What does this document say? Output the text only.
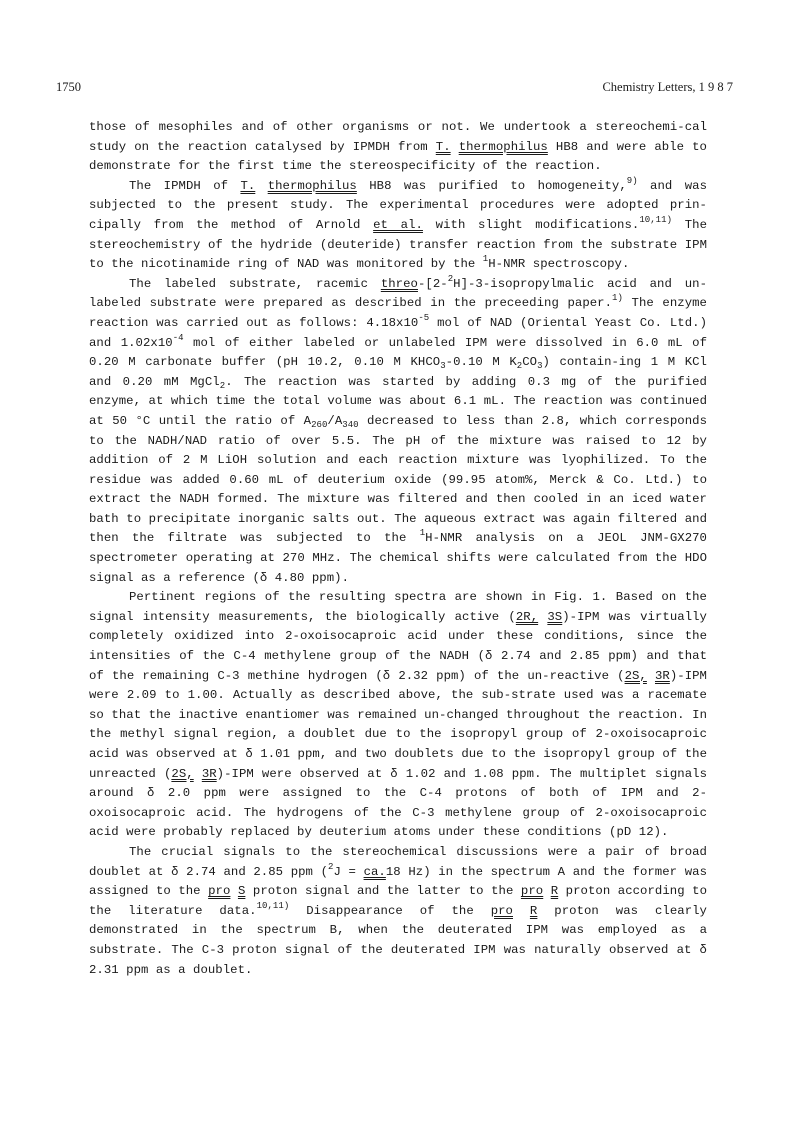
1750	Chemistry Letters, 1 9 8 7

those of mesophiles and of other organisms or not. We undertook a stereochemi-cal study on the reaction catalysed by IPMDH from T. thermophilus HB8 and were able to demonstrate for the first time the stereospecificity of the reaction.

The IPMDH of T. thermophilus HB8 was purified to homogeneity,$^{9)}$ and was subjected to the present study. The experimental procedures were adopted prin-cipally from the method of Arnold et al. with slight modifications.$^{10,11)}$ The stereochemistry of the hydride (deuteride) transfer reaction from the substrate IPM to the nicotinamide ring of NAD was monitored by the $^1$H-NMR spectroscopy.

The labeled substrate, racemic threo-[2-$^2$H]-3-isopropylmalic acid and un-labeled substrate were prepared as described in the preceeding paper.$^{1)}$ The enzyme reaction was carried out as follows: $4.18x10^{-5}$ mol of NAD (Oriental Yeast Co. Ltd.) and $1.02x10^{-4}$ mol of either labeled or unlabeled IPM were dissolved in 6.0 mL of 0.20 M carbonate buffer (pH 10.2, 0.10 M $KHCO_3-0.10$ M $K_2CO_3$) contain-ing 1 M KCl and 0.20 mM MgCl$_2$. The reaction was started by adding 0.3 mg of the purified enzyme, at which time the total volume was about 6.1 mL. The reaction was continued at 50 °C until the ratio of $A_{260}/A_{340}$ decreased to less than 2.8, which corresponds to the NADH/NAD ratio of over 5.5. The pH of the mixture was raised to 12 by addition of 2 M LiOH solution and each reaction mixture was lyophilized. To the residue was added 0.60 mL of deuterium oxide (99.95 atom%, Merck & Co. Ltd.) to extract the NADH formed. The mixture was filtered and then cooled in an iced water bath to precipitate inorganic salts out. The aqueous extract was again filtered and then the filtrate was subjected to the $^1$H-NMR analysis on a JEOL JNM-GX270 spectrometer operating at 270 MHz. The chemical shifts were calculated from the HDO signal as a reference (δ 4.80 ppm).

Pertinent regions of the resulting spectra are shown in Fig. 1. Based on the signal intensity measurements, the biologically active (2R, 3S)-IPM was virtually completely oxidized into 2-oxoisocaproic acid under these conditions, since the intensities of the C-4 methylene group of the NADH (δ 2.74 and 2.85 ppm) and that of the remaining C-3 methine hydrogen (δ 2.32 ppm) of the un-reactive (2S, 3R)-IPM were 2.09 to 1.00. Actually as described above, the sub-strate used was a racemate so that the inactive enantiomer was remained un-changed throughout the reaction. In the methyl signal region, a doublet due to the isopropyl group of 2-oxoisocaproic acid was observed at δ 1.01 ppm, and two doublets due to the isopropyl group of the unreacted (2S, 3R)-IPM were observed at δ 1.02 and 1.08 ppm. The multiplet signals around δ 2.0 ppm were assigned to the C-4 protons of both of IPM and 2-oxoisocaproic acid. The hydrogens of the C-3 methylene group of 2-oxoisocaproic acid were probably replaced by deuterium atoms under these conditions (pD 12).

The crucial signals to the stereochemical discussions were a pair of broad doublet at δ 2.74 and 2.85 ppm ($^2$J = ca.18 Hz) in the spectrum A and the former was assigned to the pro S proton signal and the latter to the pro R proton according to the literature data.$^{10,11)}$ Disappearance of the pro R proton was clearly demonstrated in the spectrum B, when the deuterated IPM was employed as a substrate. The C-3 proton signal of the deuterated IPM was naturally observed at δ 2.31 ppm as a doublet.
